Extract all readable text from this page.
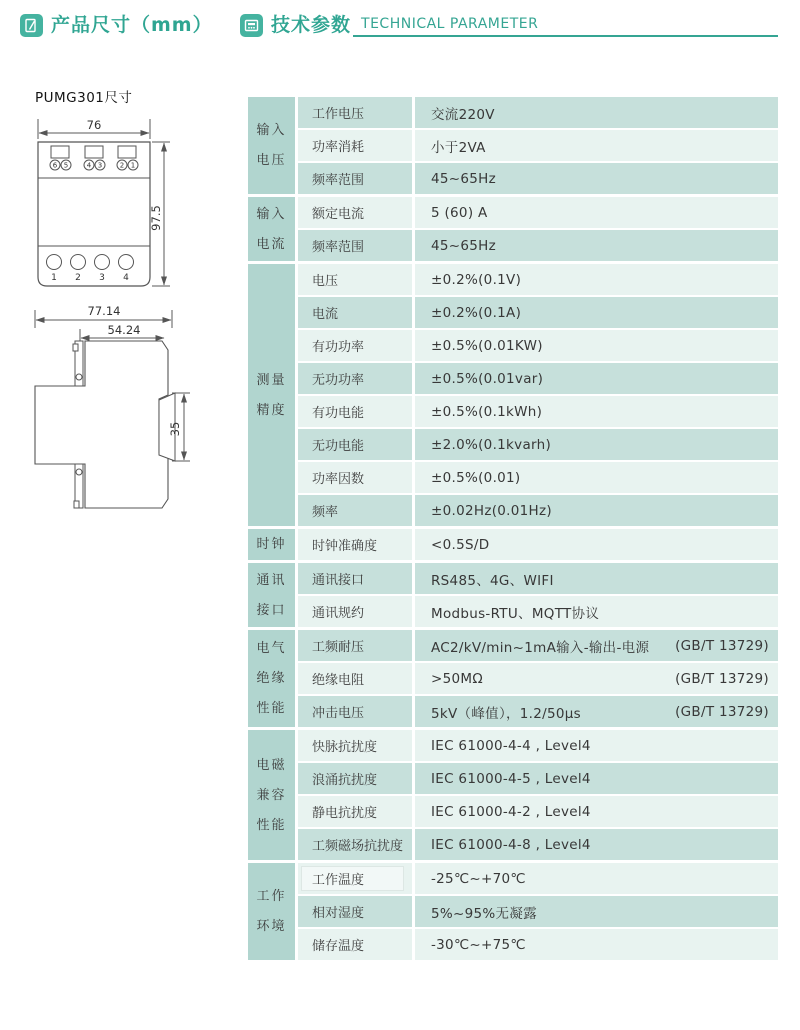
产品尺寸（mm）	技术参数 TECHNICAL PARAMETER
PUMG301尺寸
76
6 5	4 3	2 1
1 2 3 4
97.5
77.14
54.24
35
输入
电压
工作电压	交流220V
功率消耗	小于2VA
频率范围	45~65Hz
输入
电流
额定电流	5 (60) A
频率范围	45~65Hz
测量
精度
电压	±0.2%(0.1V)
电流	±0.2%(0.1A)
有功功率	±0.5%(0.01KW)
无功功率	±0.5%(0.01var)
有功电能	±0.5%(0.1kWh)
无功电能	±2.0%(0.1kvarh)
功率因数	±0.5%(0.01)
频率	±0.02Hz(0.01Hz)
时钟 时钟准确度	<0.5S/D
通讯
接口
通讯接口	RS485、4G、WIFI
通讯规约	Modbus-RTU、MQTT协议
电气
绝缘
性能
工频耐压	AC2/kV/min~1mA输入-输出-电源	(GB/T 13729)
绝缘电阻	>50MΩ	(GB/T 13729)
冲击电压	5kV（峰值），1.2/50μs	(GB/T 13729)
电磁
兼容
性能
快脉抗扰度	IEC 61000-4-4 , Level4
浪涌抗扰度	IEC 61000-4-5 , Level4
静电抗扰度	IEC 61000-4-2 , Level4
工频磁场抗扰度 IEC 61000-4-8 , Level4
工作
环境
工作温度	-25℃~+70℃
相对湿度	5%~95%无凝露
储存温度	-30℃~+75℃
